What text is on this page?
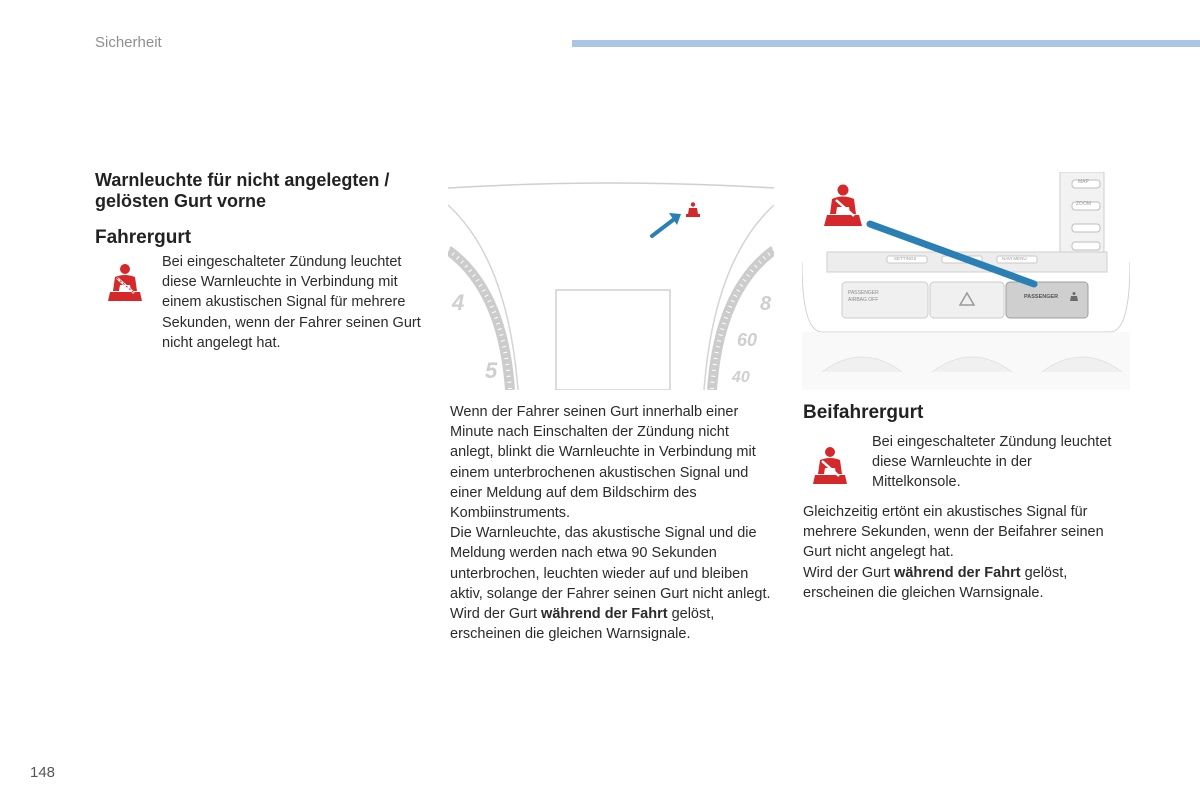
Sicherheit
Warnleuchte für nicht angelegten / gelösten Gurt vorne
Fahrergurt

Bei eingeschalteter Zündung leuchtet diese Warnleuchte in Verbindung mit einem akustischen Signal für mehrere Sekunden, wenn der Fahrer seinen Gurt nicht angelegt hat.

4
5
8
60
40
MAP
ZOOM
SETTINGS	NAVI MENU
PASSENGER AIRBAG OFF	PASSENGER

Wenn der Fahrer seinen Gurt innerhalb einer Minute nach Einschalten der Zündung nicht anlegt, blinkt die Warnleuchte in Verbindung mit einem unterbrochenen akustischen Signal und einer Meldung auf dem Bildschirm des Kombiinstruments.

Die Warnleuchte, das akustische Signal und die Meldung werden nach etwa 90 Sekunden unterbrochen, leuchten wieder auf und bleiben aktiv, solange der Fahrer seinen Gurt nicht anlegt.

Wird der Gurt während der Fahrt gelöst, erscheinen die gleichen Warnsignale.

Beifahrergurt

Bei eingeschalteter Zündung leuchtet diese Warnleuchte in der Mittelkonsole.

Gleichzeitig ertönt ein akustisches Signal für mehrere Sekunden, wenn der Beifahrer seinen Gurt nicht angelegt hat.

Wird der Gurt während der Fahrt gelöst, erscheinen die gleichen Warnsignale.

148
